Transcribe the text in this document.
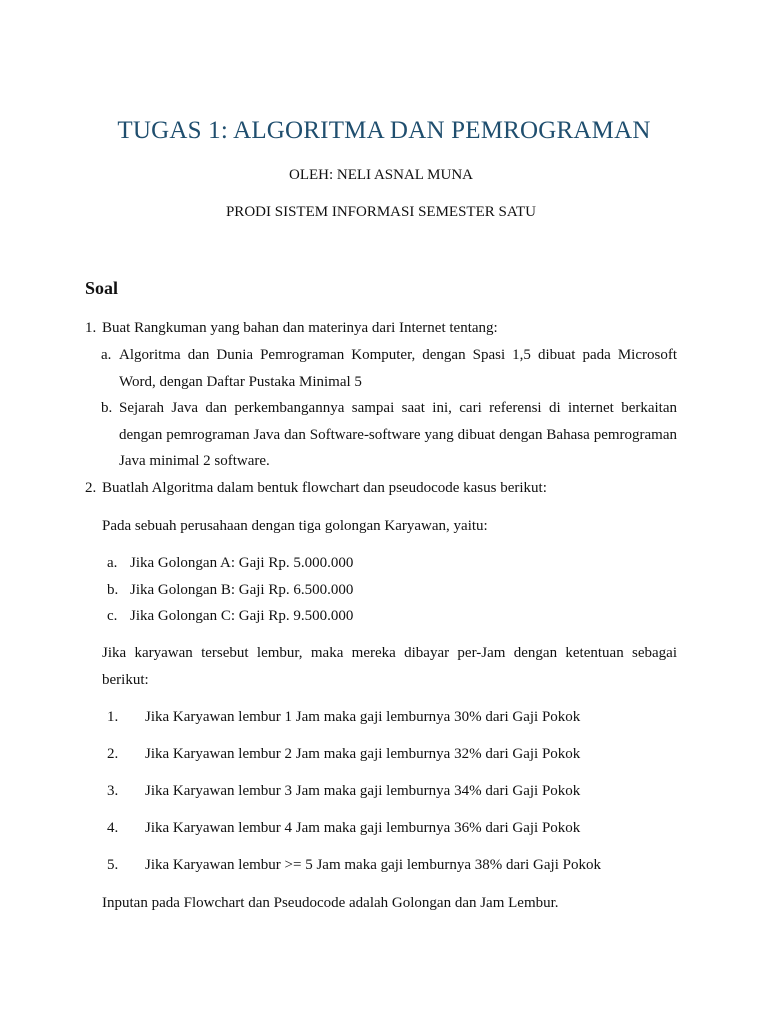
TUGAS 1: ALGORITMA DAN PEMROGRAMAN
OLEH: NELI ASNAL MUNA
PRODI SISTEM INFORMASI SEMESTER SATU
Soal
1. Buat Rangkuman yang bahan dan materinya dari Internet tentang:
a. Algoritma dan Dunia Pemrograman Komputer, dengan Spasi 1,5 dibuat pada Microsoft Word, dengan Daftar Pustaka Minimal 5
b. Sejarah Java dan perkembangannya sampai saat ini, cari referensi di internet berkaitan dengan pemrograman Java dan Software-software yang dibuat dengan Bahasa pemrograman Java minimal 2 software.
2. Buatlah Algoritma dalam bentuk flowchart dan pseudocode kasus berikut:
Pada sebuah perusahaan dengan tiga golongan Karyawan, yaitu:
a. Jika Golongan A: Gaji Rp. 5.000.000
b. Jika Golongan B: Gaji Rp. 6.500.000
c. Jika Golongan C: Gaji Rp. 9.500.000
Jika karyawan tersebut lembur, maka mereka dibayar per-Jam dengan ketentuan sebagai berikut:
1. Jika Karyawan lembur 1 Jam maka gaji lemburnya 30% dari Gaji Pokok
2. Jika Karyawan lembur 2 Jam maka gaji lemburnya 32% dari Gaji Pokok
3. Jika Karyawan lembur 3 Jam maka gaji lemburnya 34% dari Gaji Pokok
4. Jika Karyawan lembur 4 Jam maka gaji lemburnya 36% dari Gaji Pokok
5. Jika Karyawan lembur >= 5 Jam maka gaji lemburnya 38% dari Gaji Pokok
Inputan pada Flowchart dan Pseudocode adalah Golongan dan Jam Lembur.
